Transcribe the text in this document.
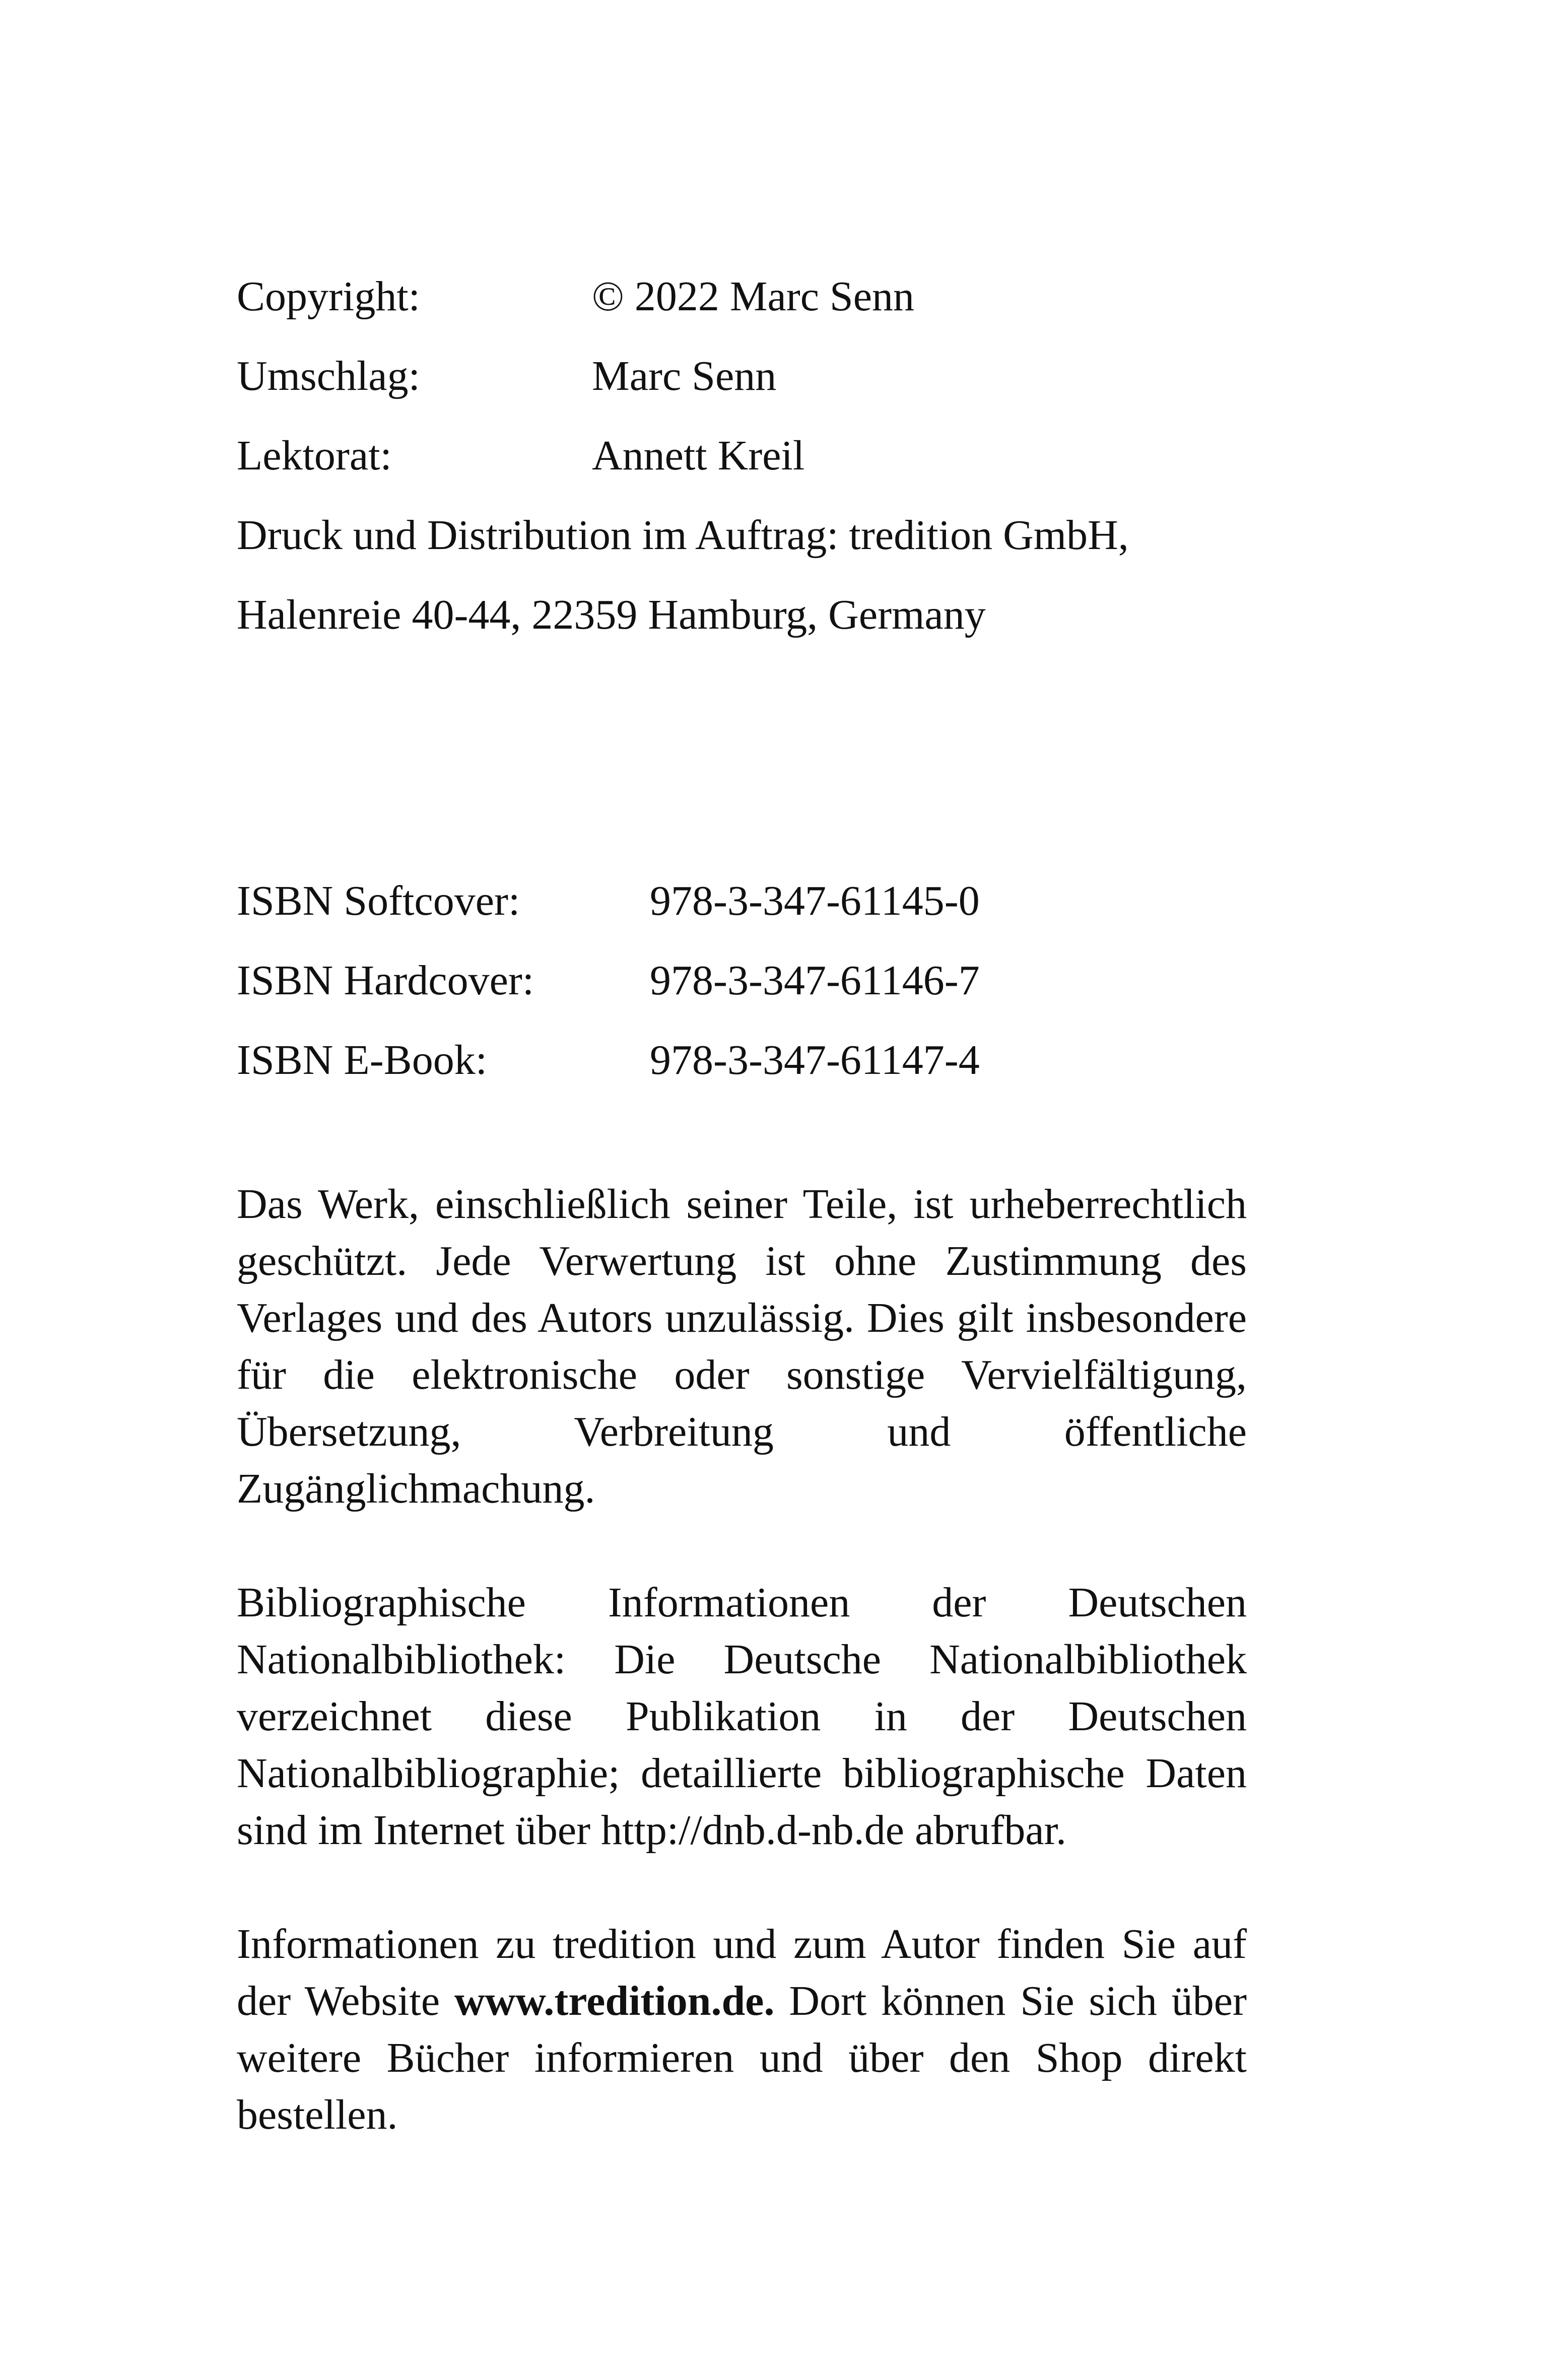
Copyright:	© 2022 Marc Senn
Umschlag:	Marc Senn
Lektorat:	Annett Kreil
Druck und Distribution im Auftrag: tredition GmbH,
Halenreie 40-44, 22359 Hamburg, Germany
ISBN Softcover:	978-3-347-61145-0
ISBN Hardcover:	978-3-347-61146-7
ISBN E-Book:	978-3-347-61147-4

Das Werk, einschließlich seiner Teile, ist urheberrechtlich geschützt. Jede Verwertung ist ohne Zustimmung des Verlages und des Autors unzulässig. Dies gilt insbesondere für die elektronische oder sonstige Vervielfältigung, Übersetzung, Verbreitung und öffentliche Zugänglichmachung.

Bibliographische Informationen der Deutschen Nationalbibliothek: Die Deutsche Nationalbibliothek verzeichnet diese Publikation in der Deutschen Nationalbibliographie; detaillierte bibliographische Daten sind im Internet über http://dnb.d-nb.de abrufbar.

Informationen zu tredition und zum Autor finden Sie auf der Website www.tredition.de. Dort können Sie sich über weitere Bücher informieren und über den Shop direkt bestellen.
